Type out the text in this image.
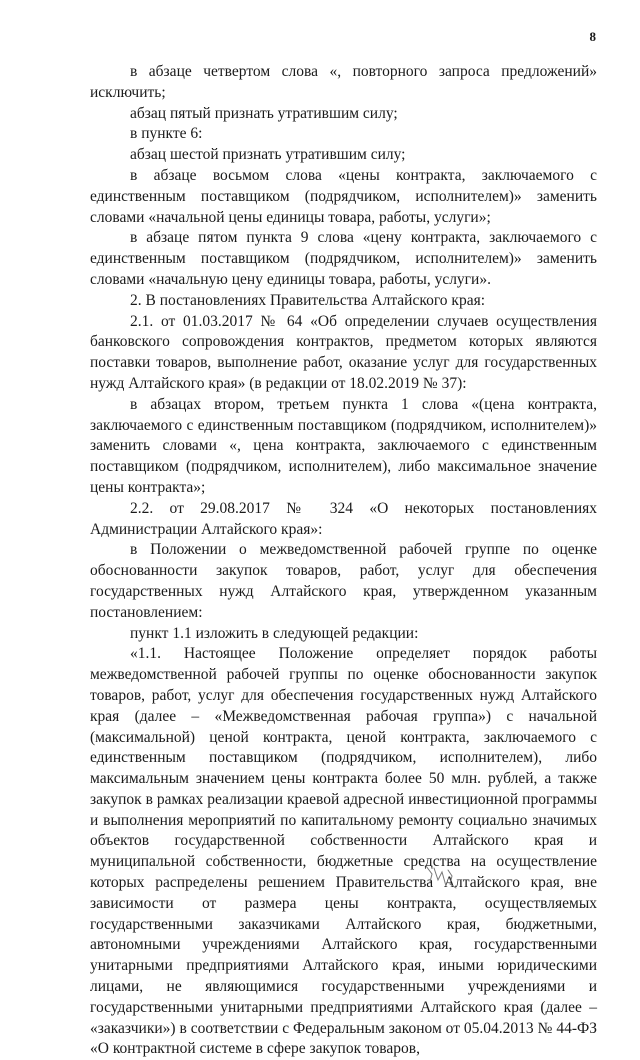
8

в абзаце четвертом слова «, повторного запроса предложений» исключить;

абзац пятый признать утратившим силу;

в пункте 6:

абзац шестой признать утратившим силу;

в абзаце восьмом слова «цены контракта, заключаемого с единственным поставщиком (подрядчиком, исполнителем)» заменить словами «начальной цены единицы товара, работы, услуги»;

в абзаце пятом пункта 9 слова «цену контракта, заключаемого с единственным поставщиком (подрядчиком, исполнителем)» заменить словами «начальную цену единицы товара, работы, услуги».

2. В постановлениях Правительства Алтайского края:

2.1. от 01.03.2017 № 64 «Об определении случаев осуществления банковского сопровождения контрактов, предметом которых являются поставки товаров, выполнение работ, оказание услуг для государственных нужд Алтайского края» (в редакции от 18.02.2019 № 37):

в абзацах втором, третьем пункта 1 слова «(цена контракта, заключаемого с единственным поставщиком (подрядчиком, исполнителем)» заменить словами «, цена контракта, заключаемого с единственным поставщиком (подрядчиком, исполнителем), либо максимальное значение цены контракта»;

2.2. от 29.08.2017 № 324 «О некоторых постановлениях Администрации Алтайского края»:

в Положении о межведомственной рабочей группе по оценке обоснованности закупок товаров, работ, услуг для обеспечения государственных нужд Алтайского края, утвержденном указанным постановлением:

пункт 1.1 изложить в следующей редакции:

«1.1. Настоящее Положение определяет порядок работы межведомственной рабочей группы по оценке обоснованности закупок товаров, работ, услуг для обеспечения государственных нужд Алтайского края (далее – «Межведомственная рабочая группа») с начальной (максимальной) ценой контракта, ценой контракта, заключаемого с единственным поставщиком (подрядчиком, исполнителем), либо максимальным значением цены контракта более 50 млн. рублей, а также закупок в рамках реализации краевой адресной инвестиционной программы и выполнения мероприятий по капитальному ремонту социально значимых объектов государственной собственности Алтайского края и муниципальной собственности, бюджетные средства на осуществление которых распределены решением Правительства Алтайского края, вне зависимости от размера цены контракта, осуществляемых государственными заказчиками Алтайского края, бюджетными, автономными учреждениями Алтайского края, государственными унитарными предприятиями Алтайского края, иными юридическими лицами, не являющимися государственными учреждениями и государственными унитарными предприятиями Алтайского края (далее – «заказчики») в соответствии с Федеральным законом от 05.04.2013 № 44-ФЗ «О контрактной системе в сфере закупок товаров,
